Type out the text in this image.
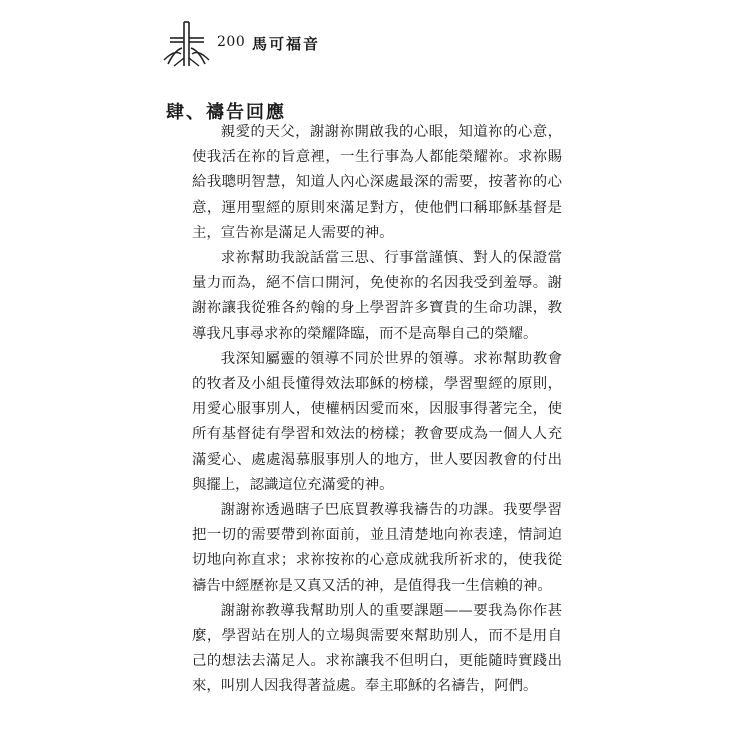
200 馬可福音
肆、禱告回應

親愛的天父，謝謝祢開啟我的心眼，知道祢的心意，使我活在祢的旨意裡，一生行事為人都能榮耀祢。求祢賜給我聰明智慧，知道人內心深處最深的需要，按著祢的心意，運用聖經的原則來滿足對方，使他們口稱耶穌基督是主，宣告祢是滿足人需要的神。

求祢幫助我說話當三思、行事當謹慎、對人的保證當量力而為，絕不信口開河，免使祢的名因我受到羞辱。謝謝祢讓我從雅各約翰的身上學習許多寶貴的生命功課，教導我凡事尋求祢的榮耀降臨，而不是高舉自己的榮耀。

我深知屬靈的領導不同於世界的領導。求祢幫助教會的牧者及小組長懂得效法耶穌的榜樣，學習聖經的原則，用愛心服事別人，使權柄因愛而來，因服事得著完全，使所有基督徒有學習和效法的榜樣；教會要成為一個人人充滿愛心、處處渴慕服事別人的地方，世人要因教會的付出與擺上，認識這位充滿愛的神。

謝謝祢透過瞎子巴底買教導我禱告的功課。我要學習把一切的需要帶到祢面前，並且清楚地向祢表達，情詞迫切地向祢直求；求祢按祢的心意成就我所祈求的，使我從禱告中經歷祢是又真又活的神，是值得我一生信賴的神。

謝謝祢教導我幫助別人的重要課題——要我為你作甚麼，學習站在別人的立場與需要來幫助別人，而不是用自己的想法去滿足人。求祢讓我不但明白，更能隨時實踐出來，叫別人因我得著益處。奉主耶穌的名禱告，阿們。
